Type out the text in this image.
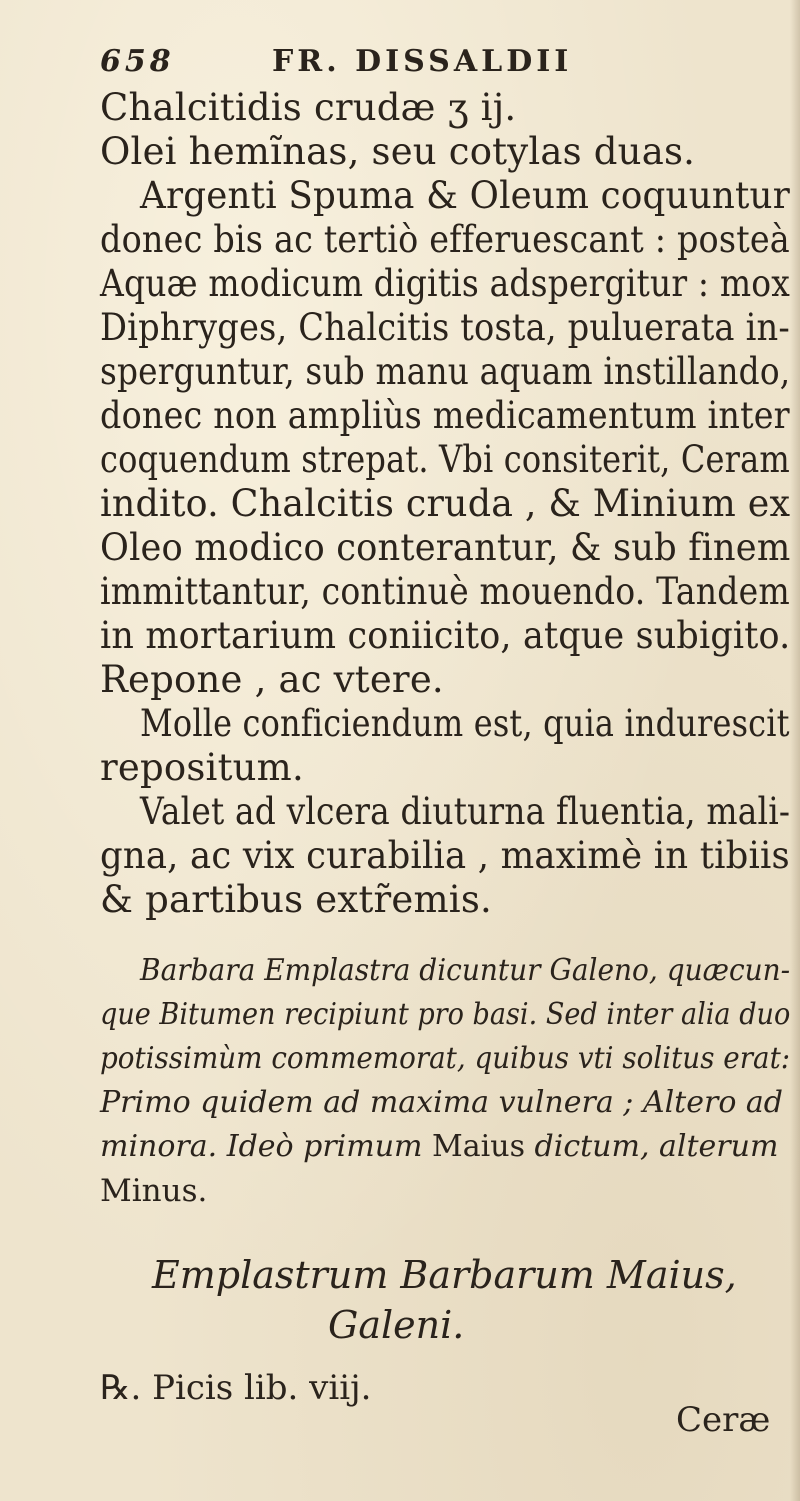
658	FR. DISSALDII
Chalcitidis crudæ ʒ ij.
Olei hemĩnas, seu cotylas duas.
Argenti Spuma & Oleum coquuntur
donec bis ac tertiò efferuescant : posteà
Aquæ modicum digitis adspergitur : mox
Diphryges, Chalcitis tosta, puluerata in-
sperguntur, sub manu aquam instillando,
donec non ampliùs medicamentum inter
coquendum strepat. Vbi consiterit, Ceram
indito. Chalcitis cruda , & Minium ex
Oleo modico conterantur, & sub finem
immittantur, continuè mouendo. Tandem
in mortarium coniicito, atque subigito.
Repone , ac vtere.
Molle conficiendum est, quia indurescit
repositum.
Valet ad vlcera diuturna fluentia, mali-
gna, ac vix curabilia , maximè in tibiis
& partibus extr̃emis.
Barbara Emplastra dicuntur Galeno, quæcun-
que Bitumen recipiunt pro basi. Sed inter alia duo
potissimùm commemorat, quibus vti solitus erat:
Primo quidem ad maxima vulnera ; Altero ad
minora. Ideò primum Maius dictum, alterum
Minus.
Emplastrum Barbarum Maius,
Galeni.
℞. Picis lib. viij.
Ceræ
